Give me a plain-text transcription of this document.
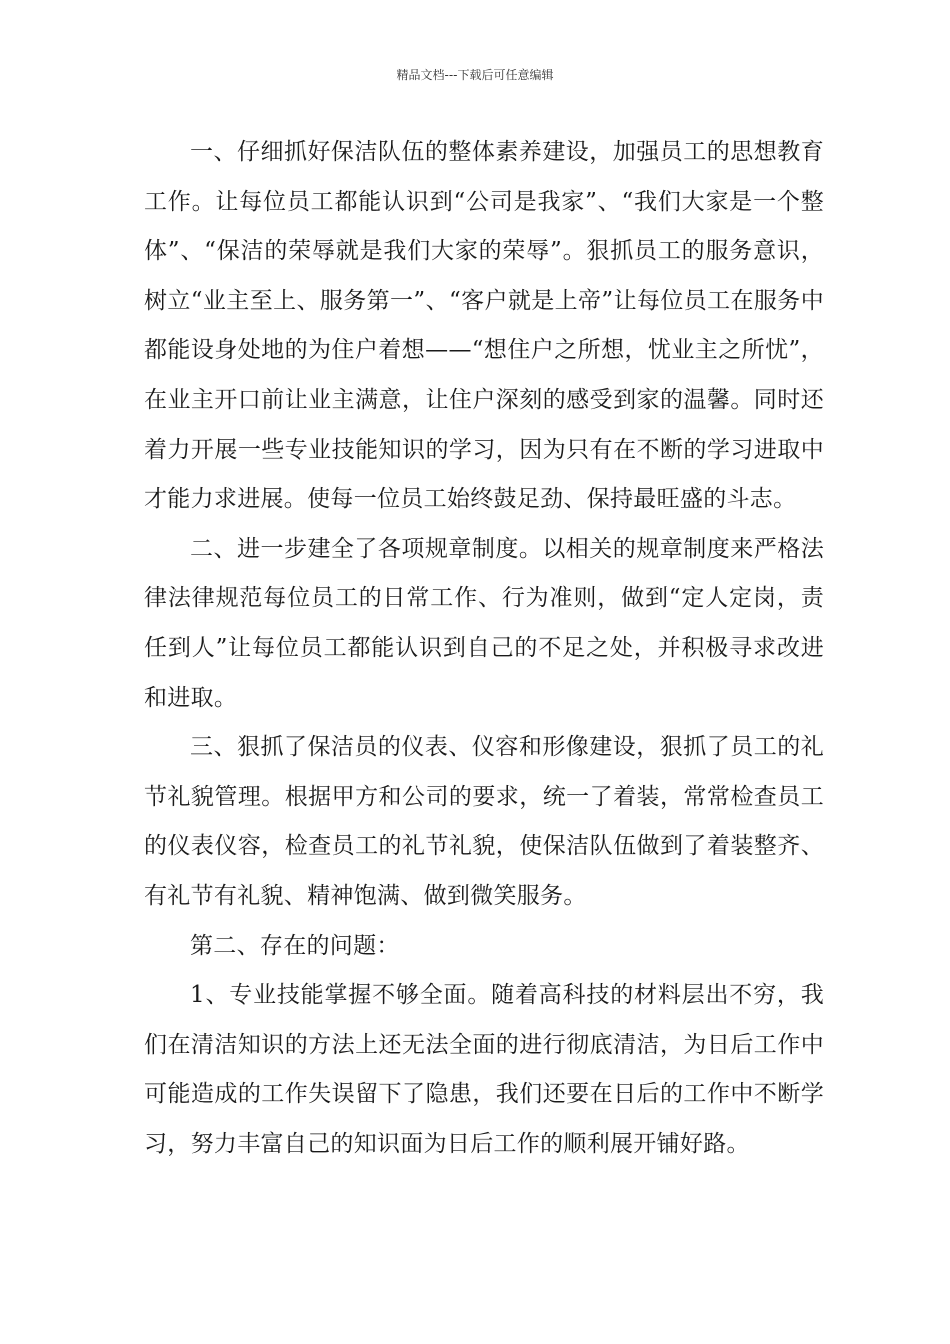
精品文档---下载后可任意编辑

一、仔细抓好保洁队伍的整体素养建设，加强员工的思想教育工作。让每位员工都能认识到“公司是我家”、“我们大家是一个整体”、“保洁的荣辱就是我们大家的荣辱”。狠抓员工的服务意识，树立“业主至上、服务第一”、“客户就是上帝”让每位员工在服务中都能设身处地的为住户着想——“想住户之所想，忧业主之所忧”，在业主开口前让业主满意，让住户深刻的感受到家的温馨。同时还着力开展一些专业技能知识的学习，因为只有在不断的学习进取中才能力求进展。使每一位员工始终鼓足劲、保持最旺盛的斗志。

二、进一步建全了各项规章制度。以相关的规章制度来严格法律法律规范每位员工的日常工作、行为准则，做到“定人定岗，责任到人”让每位员工都能认识到自己的不足之处，并积极寻求改进和进取。

三、狠抓了保洁员的仪表、仪容和形像建设，狠抓了员工的礼节礼貌管理。根据甲方和公司的要求，统一了着装，常常检查员工的仪表仪容，检查员工的礼节礼貌，使保洁队伍做到了着装整齐、有礼节有礼貌、精神饱满、做到微笑服务。

第二、存在的问题：

1、专业技能掌握不够全面。随着高科技的材料层出不穷，我们在清洁知识的方法上还无法全面的进行彻底清洁，为日后工作中可能造成的工作失误留下了隐患，我们还要在日后的工作中不断学习，努力丰富自己的知识面为日后工作的顺利展开铺好路。
